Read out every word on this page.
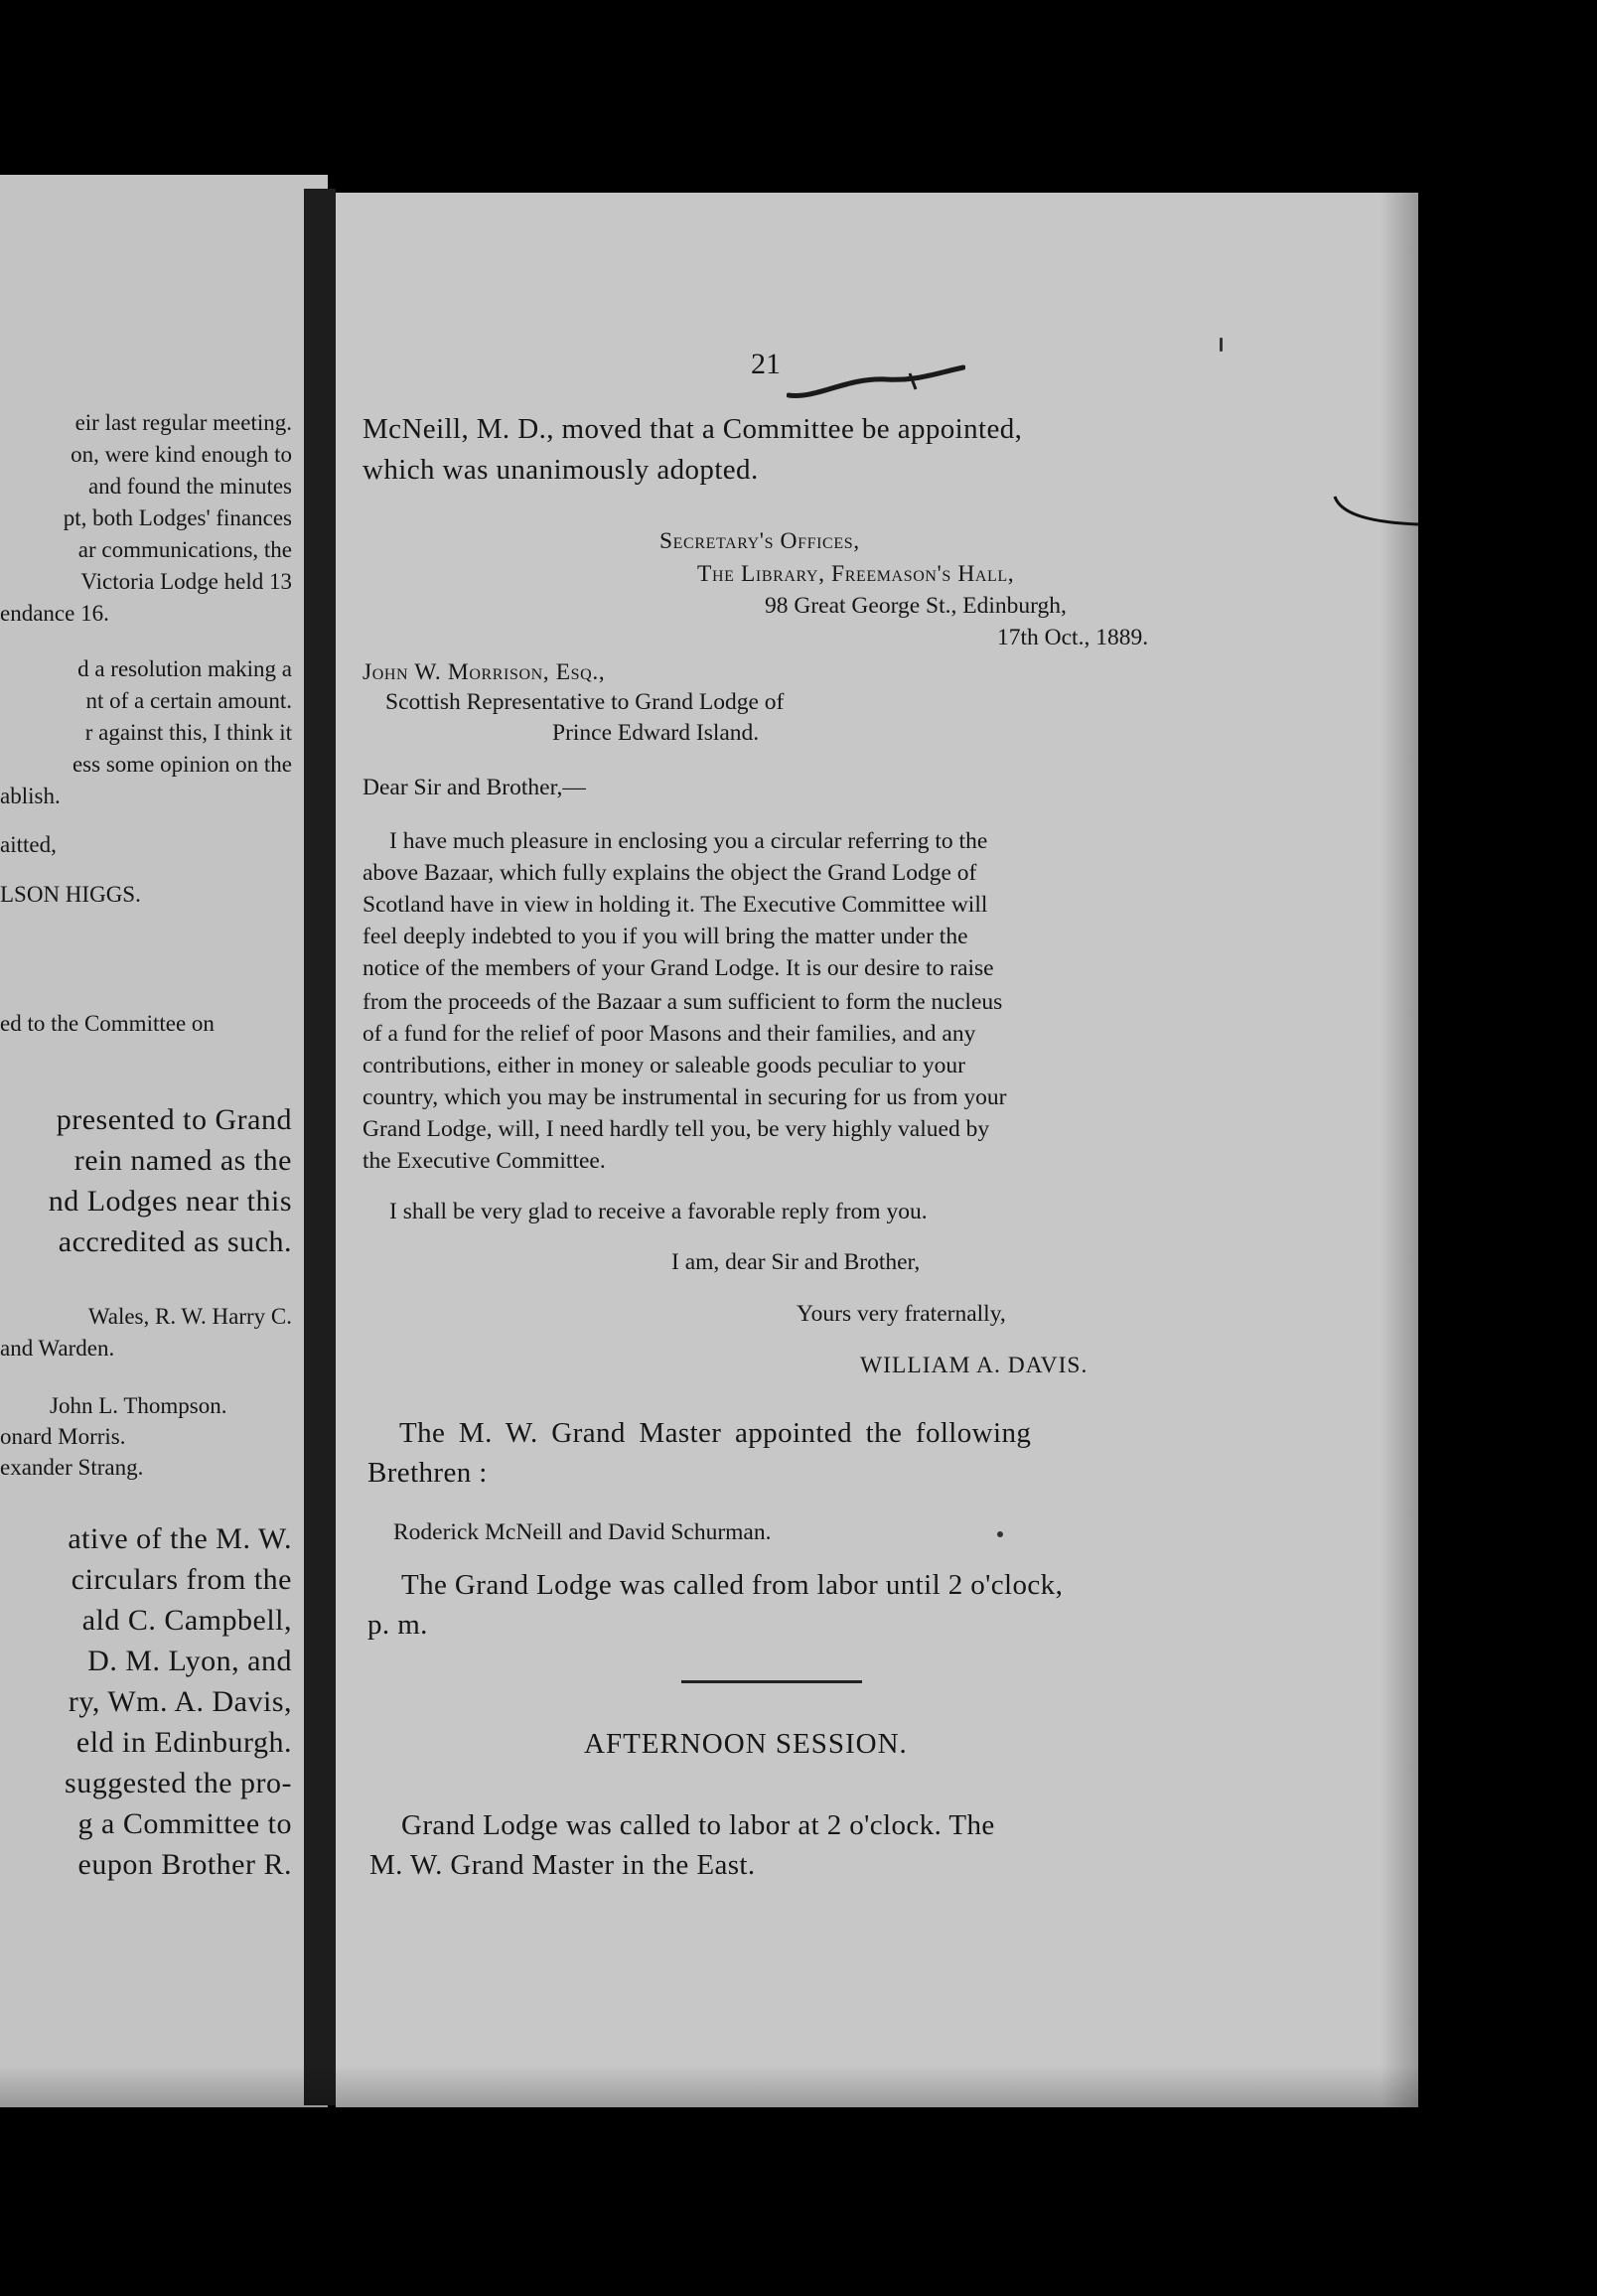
eir last regular meeting.
on, were kind enough to
and found the minutes
pt, both Lodges' finances
ar communications, the
Victoria Lodge held 13
endance 16.
d a resolution making a
nt of a certain amount.
r against this, I think it
ess some opinion on the
ablish.
aitted,
LSON HIGGS.
ed to the Committee on
presented to Grand
rein named as the
nd Lodges near this
accredited as such.
Wales, R. W. Harry C.
and Warden.
John L. Thompson.
onard Morris.
exander Strang.
ative of the M. W.
circulars from the
ald C. Campbell,
D. M. Lyon, and
ry, Wm. A. Davis,
eld in Edinburgh.
suggested the pro-
g a Committee to
eupon Brother R.
21
McNeill, M. D., moved that a Committee be appointed,
which was unanimously adopted.
Secretary's Offices,
The Library, Freemason's Hall,
98 Great George St., Edinburgh,
17th Oct., 1889.
John W. Morrison, Esq.,
Scottish Representative to Grand Lodge of
Prince Edward Island.
Dear Sir and Brother,—
I have much pleasure in enclosing you a circular referring to the
above Bazaar, which fully explains the object the Grand Lodge of
Scotland have in view in holding it. The Executive Committee will
feel deeply indebted to you if you will bring the matter under the
notice of the members of your Grand Lodge. It is our desire to raise
from the proceeds of the Bazaar a sum sufficient to form the nucleus
of a fund for the relief of poor Masons and their families, and any
contributions, either in money or saleable goods peculiar to your
country, which you may be instrumental in securing for us from your
Grand Lodge, will, I need hardly tell you, be very highly valued by
the Executive Committee.
I shall be very glad to receive a favorable reply from you.
I am, dear Sir and Brother,
Yours very fraternally,
WILLIAM A. DAVIS.
The M. W. Grand Master appointed the following
Brethren :
Roderick McNeill and David Schurman.
The Grand Lodge was called from labor until 2 o'clock,
p. m.
AFTERNOON SESSION.
Grand Lodge was called to labor at 2 o'clock. The
M. W. Grand Master in the East.
